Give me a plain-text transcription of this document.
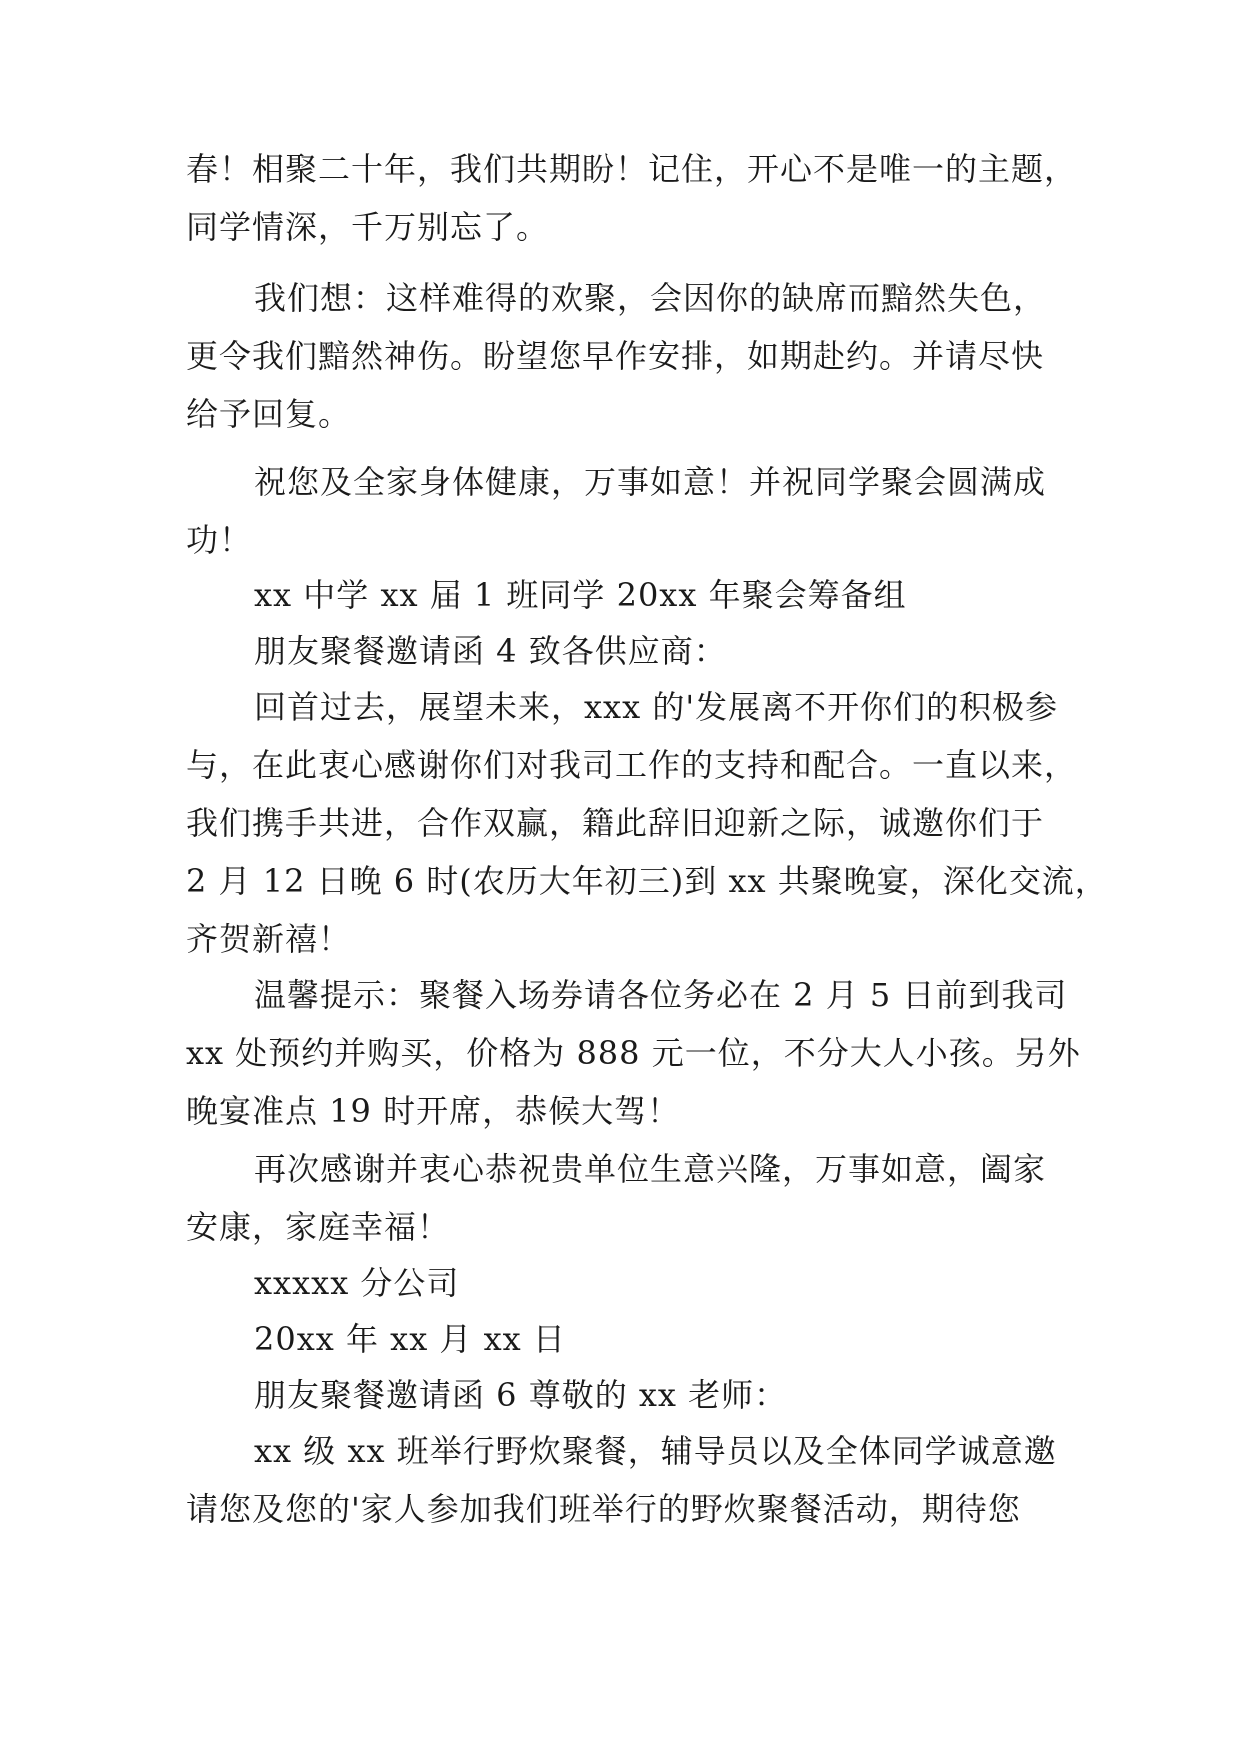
春！相聚二十年，我们共期盼！记住，开心不是唯一的主题，
同学情深，千万别忘了。
我们想：这样难得的欢聚，会因你的缺席而黯然失色，
更令我们黯然神伤。盼望您早作安排，如期赴约。并请尽快
给予回复。
祝您及全家身体健康，万事如意！并祝同学聚会圆满成
功！
xx 中学 xx 届 1 班同学 20xx 年聚会筹备组
朋友聚餐邀请函 4 致各供应商：
回首过去，展望未来，xxx 的'发展离不开你们的积极参
与，在此衷心感谢你们对我司工作的支持和配合。一直以来，
我们携手共进，合作双赢，籍此辞旧迎新之际，诚邀你们于
2 月 12 日晚 6 时(农历大年初三)到 xx 共聚晚宴，深化交流，
齐贺新禧！
温馨提示：聚餐入场券请各位务必在 2 月 5 日前到我司
xx 处预约并购买，价格为 888 元一位，不分大人小孩。另外
晚宴准点 19 时开席，恭候大驾！
再次感谢并衷心恭祝贵单位生意兴隆，万事如意，阖家
安康，家庭幸福！
xxxxx 分公司
20xx 年 xx 月 xx 日
朋友聚餐邀请函 6 尊敬的 xx 老师：
xx 级 xx 班举行野炊聚餐，辅导员以及全体同学诚意邀
请您及您的'家人参加我们班举行的野炊聚餐活动，期待您
